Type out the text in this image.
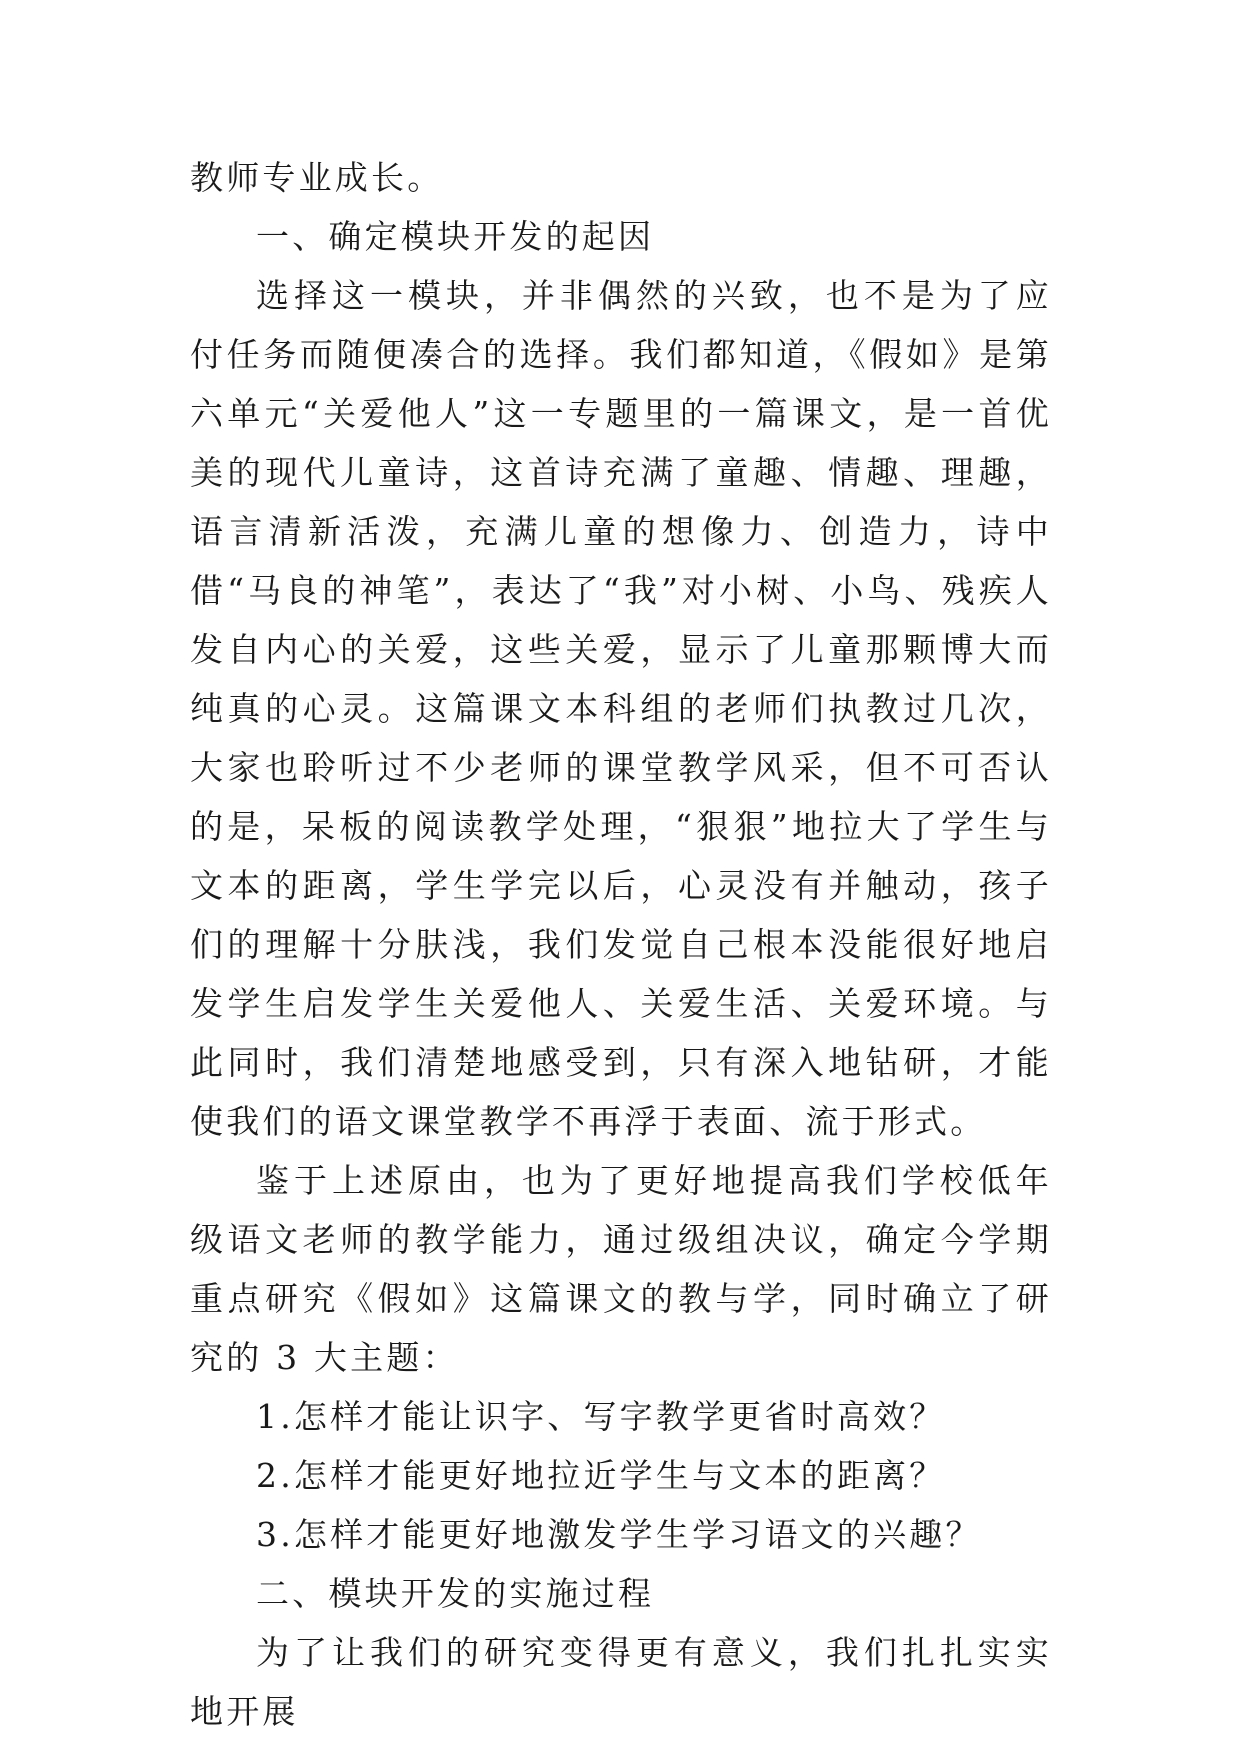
教师专业成长。

一、确定模块开发的起因

选择这一模块，并非偶然的兴致，也不是为了应付任务而随便凑合的选择。我们都知道，《假如》是第六单元“关爱他人”这一专题里的一篇课文，是一首优美的现代儿童诗，这首诗充满了童趣、情趣、理趣，语言清新活泼，充满儿童的想像力、创造力，诗中借“马良的神笔”，表达了“我”对小树、小鸟、残疾人发自内心的关爱，这些关爱，显示了儿童那颗博大而纯真的心灵。这篇课文本科组的老师们执教过几次，大家也聆听过不少老师的课堂教学风采，但不可否认的是，呆板的阅读教学处理，“狠狠”地拉大了学生与文本的距离，学生学完以后，心灵没有并触动，孩子们的理解十分肤浅，我们发觉自己根本没能很好地启发学生启发学生关爱他人、关爱生活、关爱环境。与此同时，我们清楚地感受到，只有深入地钻研，才能使我们的语文课堂教学不再浮于表面、流于形式。

鉴于上述原由，也为了更好地提高我们学校低年级语文老师的教学能力，通过级组决议，确定今学期重点研究《假如》这篇课文的教与学，同时确立了研究的 3 大主题：

1.怎样才能让识字、写字教学更省时高效？

2.怎样才能更好地拉近学生与文本的距离？

3.怎样才能更好地激发学生学习语文的兴趣？

二、模块开发的实施过程

为了让我们的研究变得更有意义，我们扎扎实实地开展
